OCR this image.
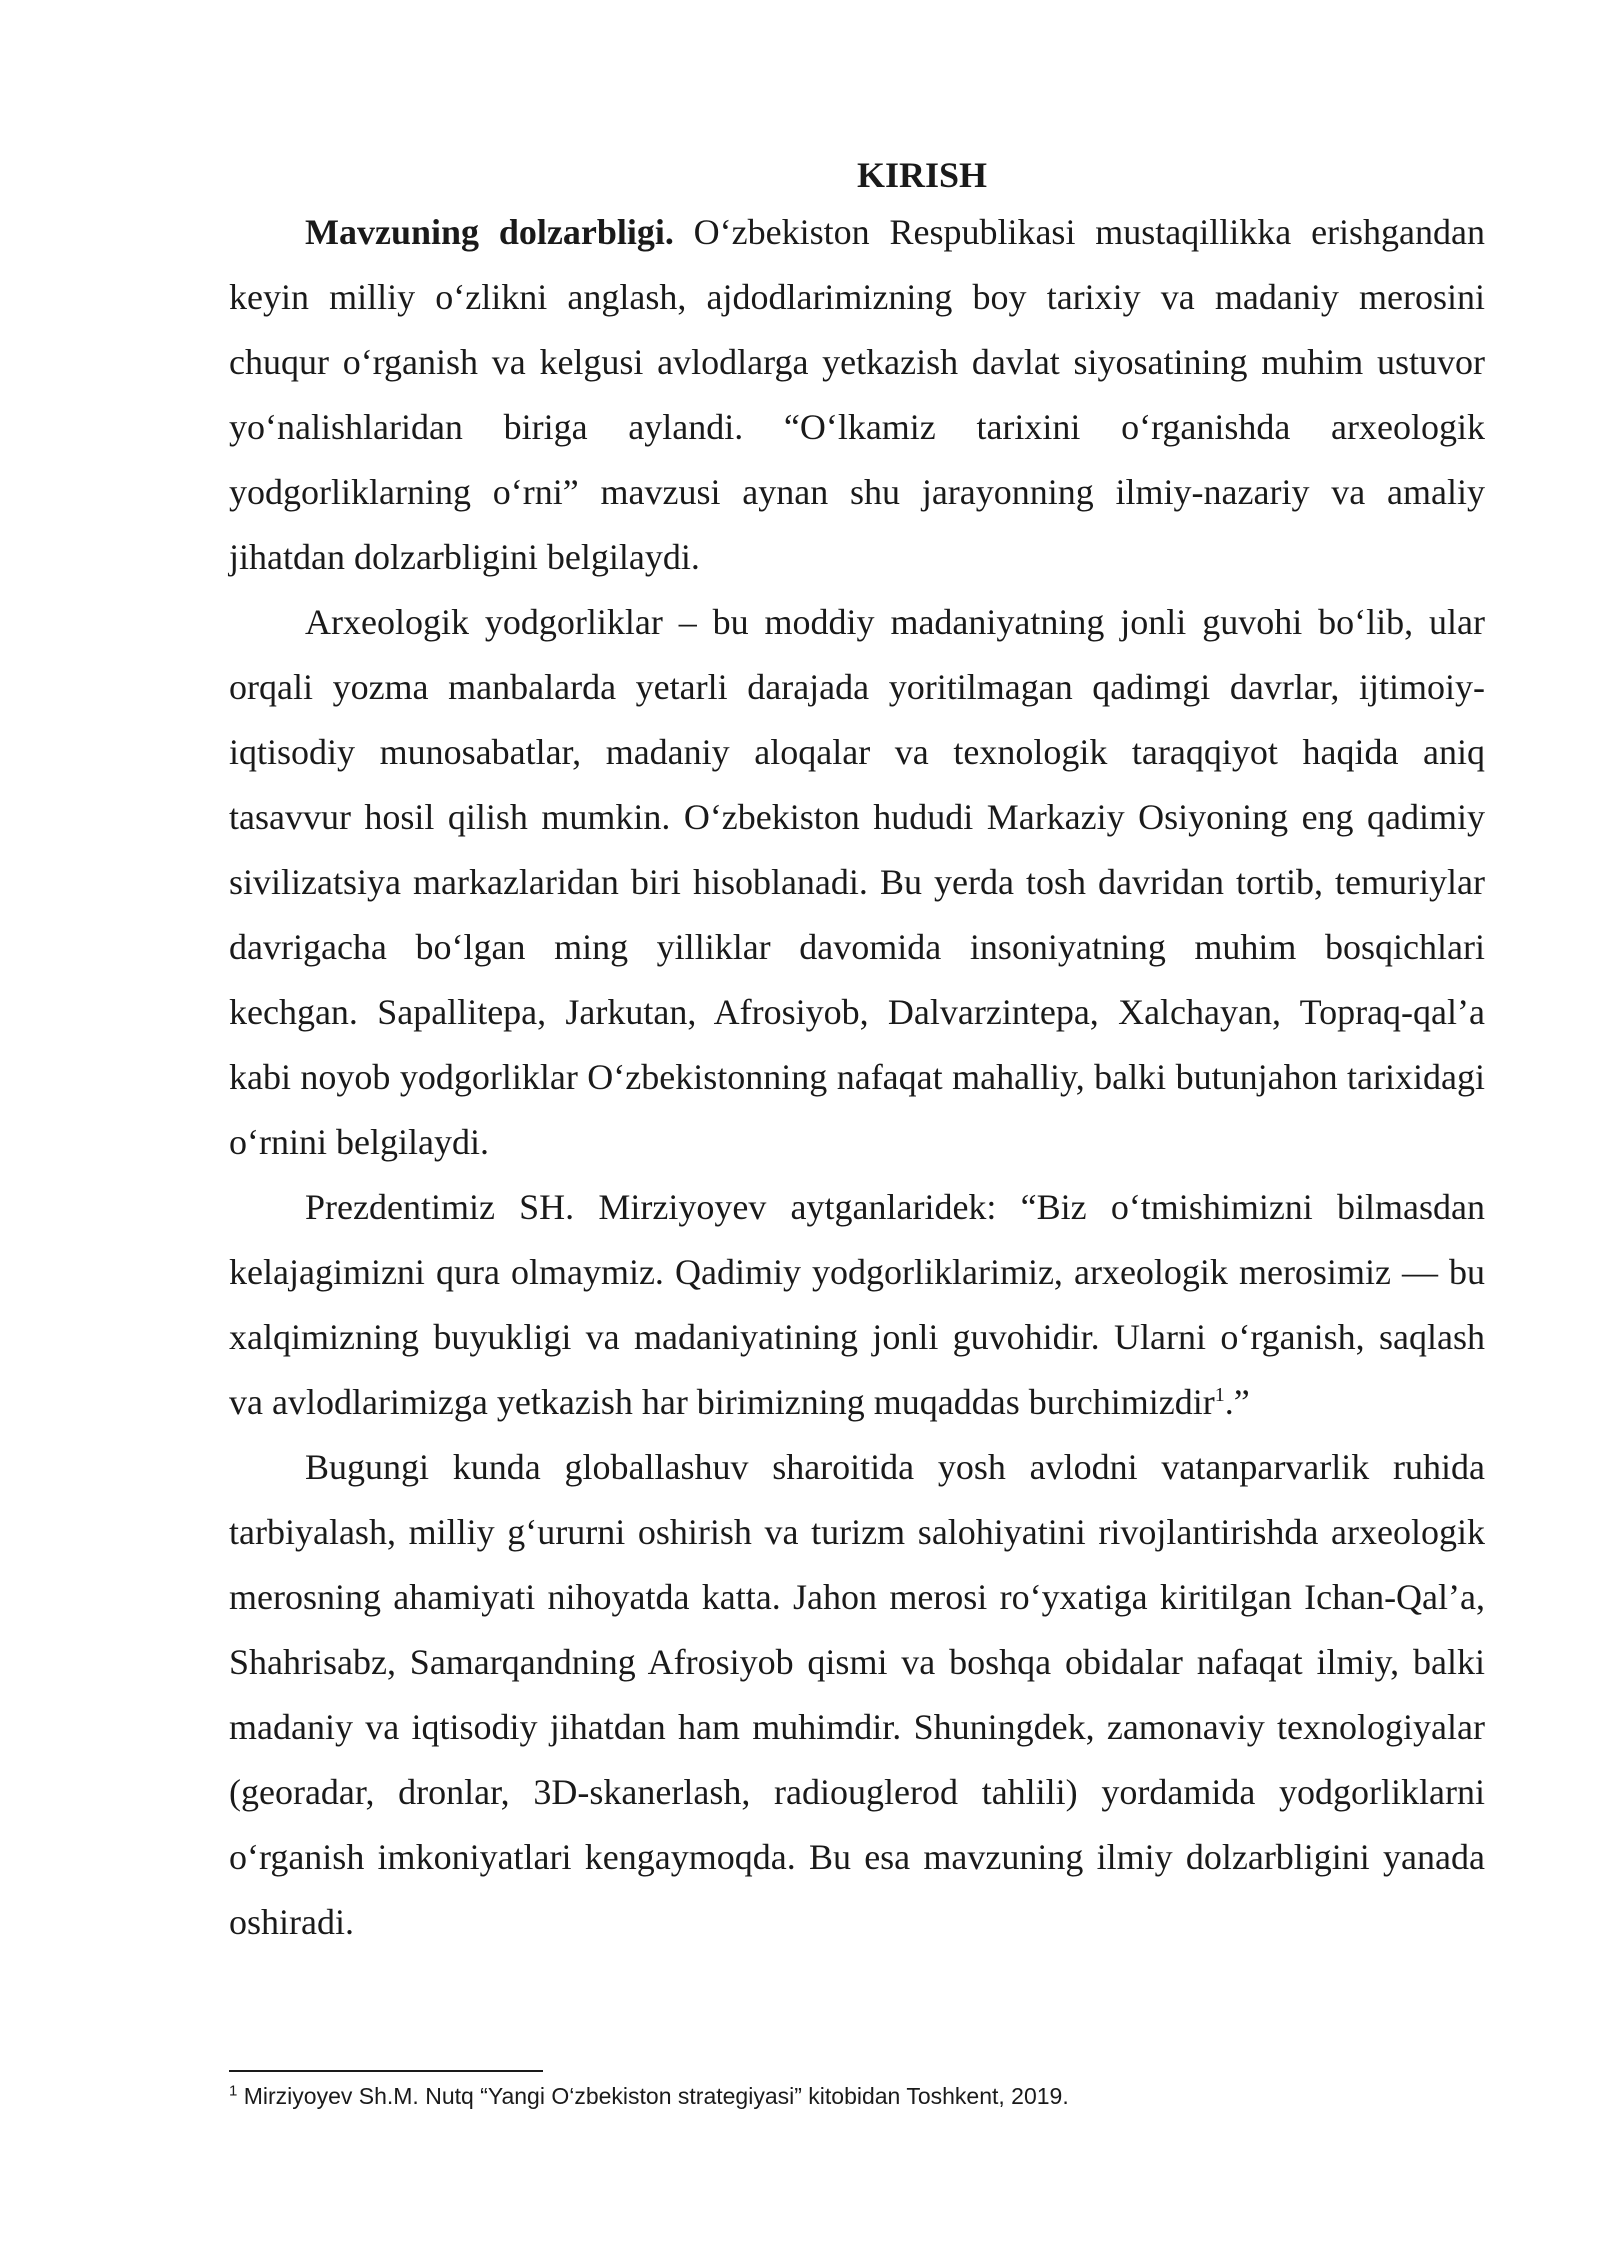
KIRISH

Mavzuning dolzarbligi. O‘zbekiston Respublikasi mustaqillikka erishgandan keyin milliy o‘zlikni anglash, ajdodlarimizning boy tarixiy va madaniy merosini chuqur o‘rganish va kelgusi avlodlarga yetkazish davlat siyosatining muhim ustuvor yo‘nalishlaridan biriga aylandi. “O‘lkamiz tarixini o‘rganishda arxeologik yodgorliklarning o‘rni” mavzusi aynan shu jarayonning ilmiy-nazariy va amaliy jihatdan dolzarbligini belgilaydi.

Arxeologik yodgorliklar – bu moddiy madaniyatning jonli guvohi bo‘lib, ular orqali yozma manbalarda yetarli darajada yoritilmagan qadimgi davrlar, ijtimoiy-iqtisodiy munosabatlar, madaniy aloqalar va texnologik taraqqiyot haqida aniq tasavvur hosil qilish mumkin. O‘zbekiston hududi Markaziy Osiyoning eng qadimiy sivilizatsiya markazlaridan biri hisoblanadi. Bu yerda tosh davridan tortib, temuriylar davrigacha bo‘lgan ming yilliklar davomida insoniyatning muhim bosqichlari kechgan. Sapallitepa, Jarkutan, Afrosiyob, Dalvarzintepa, Xalchayan, Topraq-qal’a kabi noyob yodgorliklar O‘zbekistonning nafaqat mahalliy, balki butunjahon tarixidagi o‘rnini belgilaydi.

Prezdentimiz SH. Mirziyoyev aytganlaridek: “Biz o‘tmishimizni bilmasdan kelajagimizni qura olmaymiz. Qadimiy yodgorliklarimiz, arxeologik merosimiz — bu xalqimizning buyukligi va madaniyatining jonli guvohidir. Ularni o‘rganish, saqlash va avlodlarimizga yetkazish har birimizning muqaddas burchimizdir$^1$.”

Bugungi kunda globallashuv sharoitida yosh avlodni vatanparvarlik ruhida tarbiyalash, milliy g‘ururni oshirish va turizm salohiyatini rivojlantirishda arxeologik merosning ahamiyati nihoyatda katta. Jahon merosi ro‘yxatiga kiritilgan Ichan-Qal’a, Shahrisabz, Samarqandning Afrosiyob qismi va boshqa obidalar nafaqat ilmiy, balki madaniy va iqtisodiy jihatdan ham muhimdir. Shuningdek, zamonaviy texnologiyalar (georadar, dronlar, 3D-skanerlash, radiouglerod tahlili) yordamida yodgorliklarni o‘rganish imkoniyatlari kengaymoqda. Bu esa mavzuning ilmiy dolzarbligini yanada oshiradi.

$^1$ Mirziyoyev Sh.M. Nutq “Yangi O‘zbekiston strategiyasi” kitobidan Toshkent, 2019.
